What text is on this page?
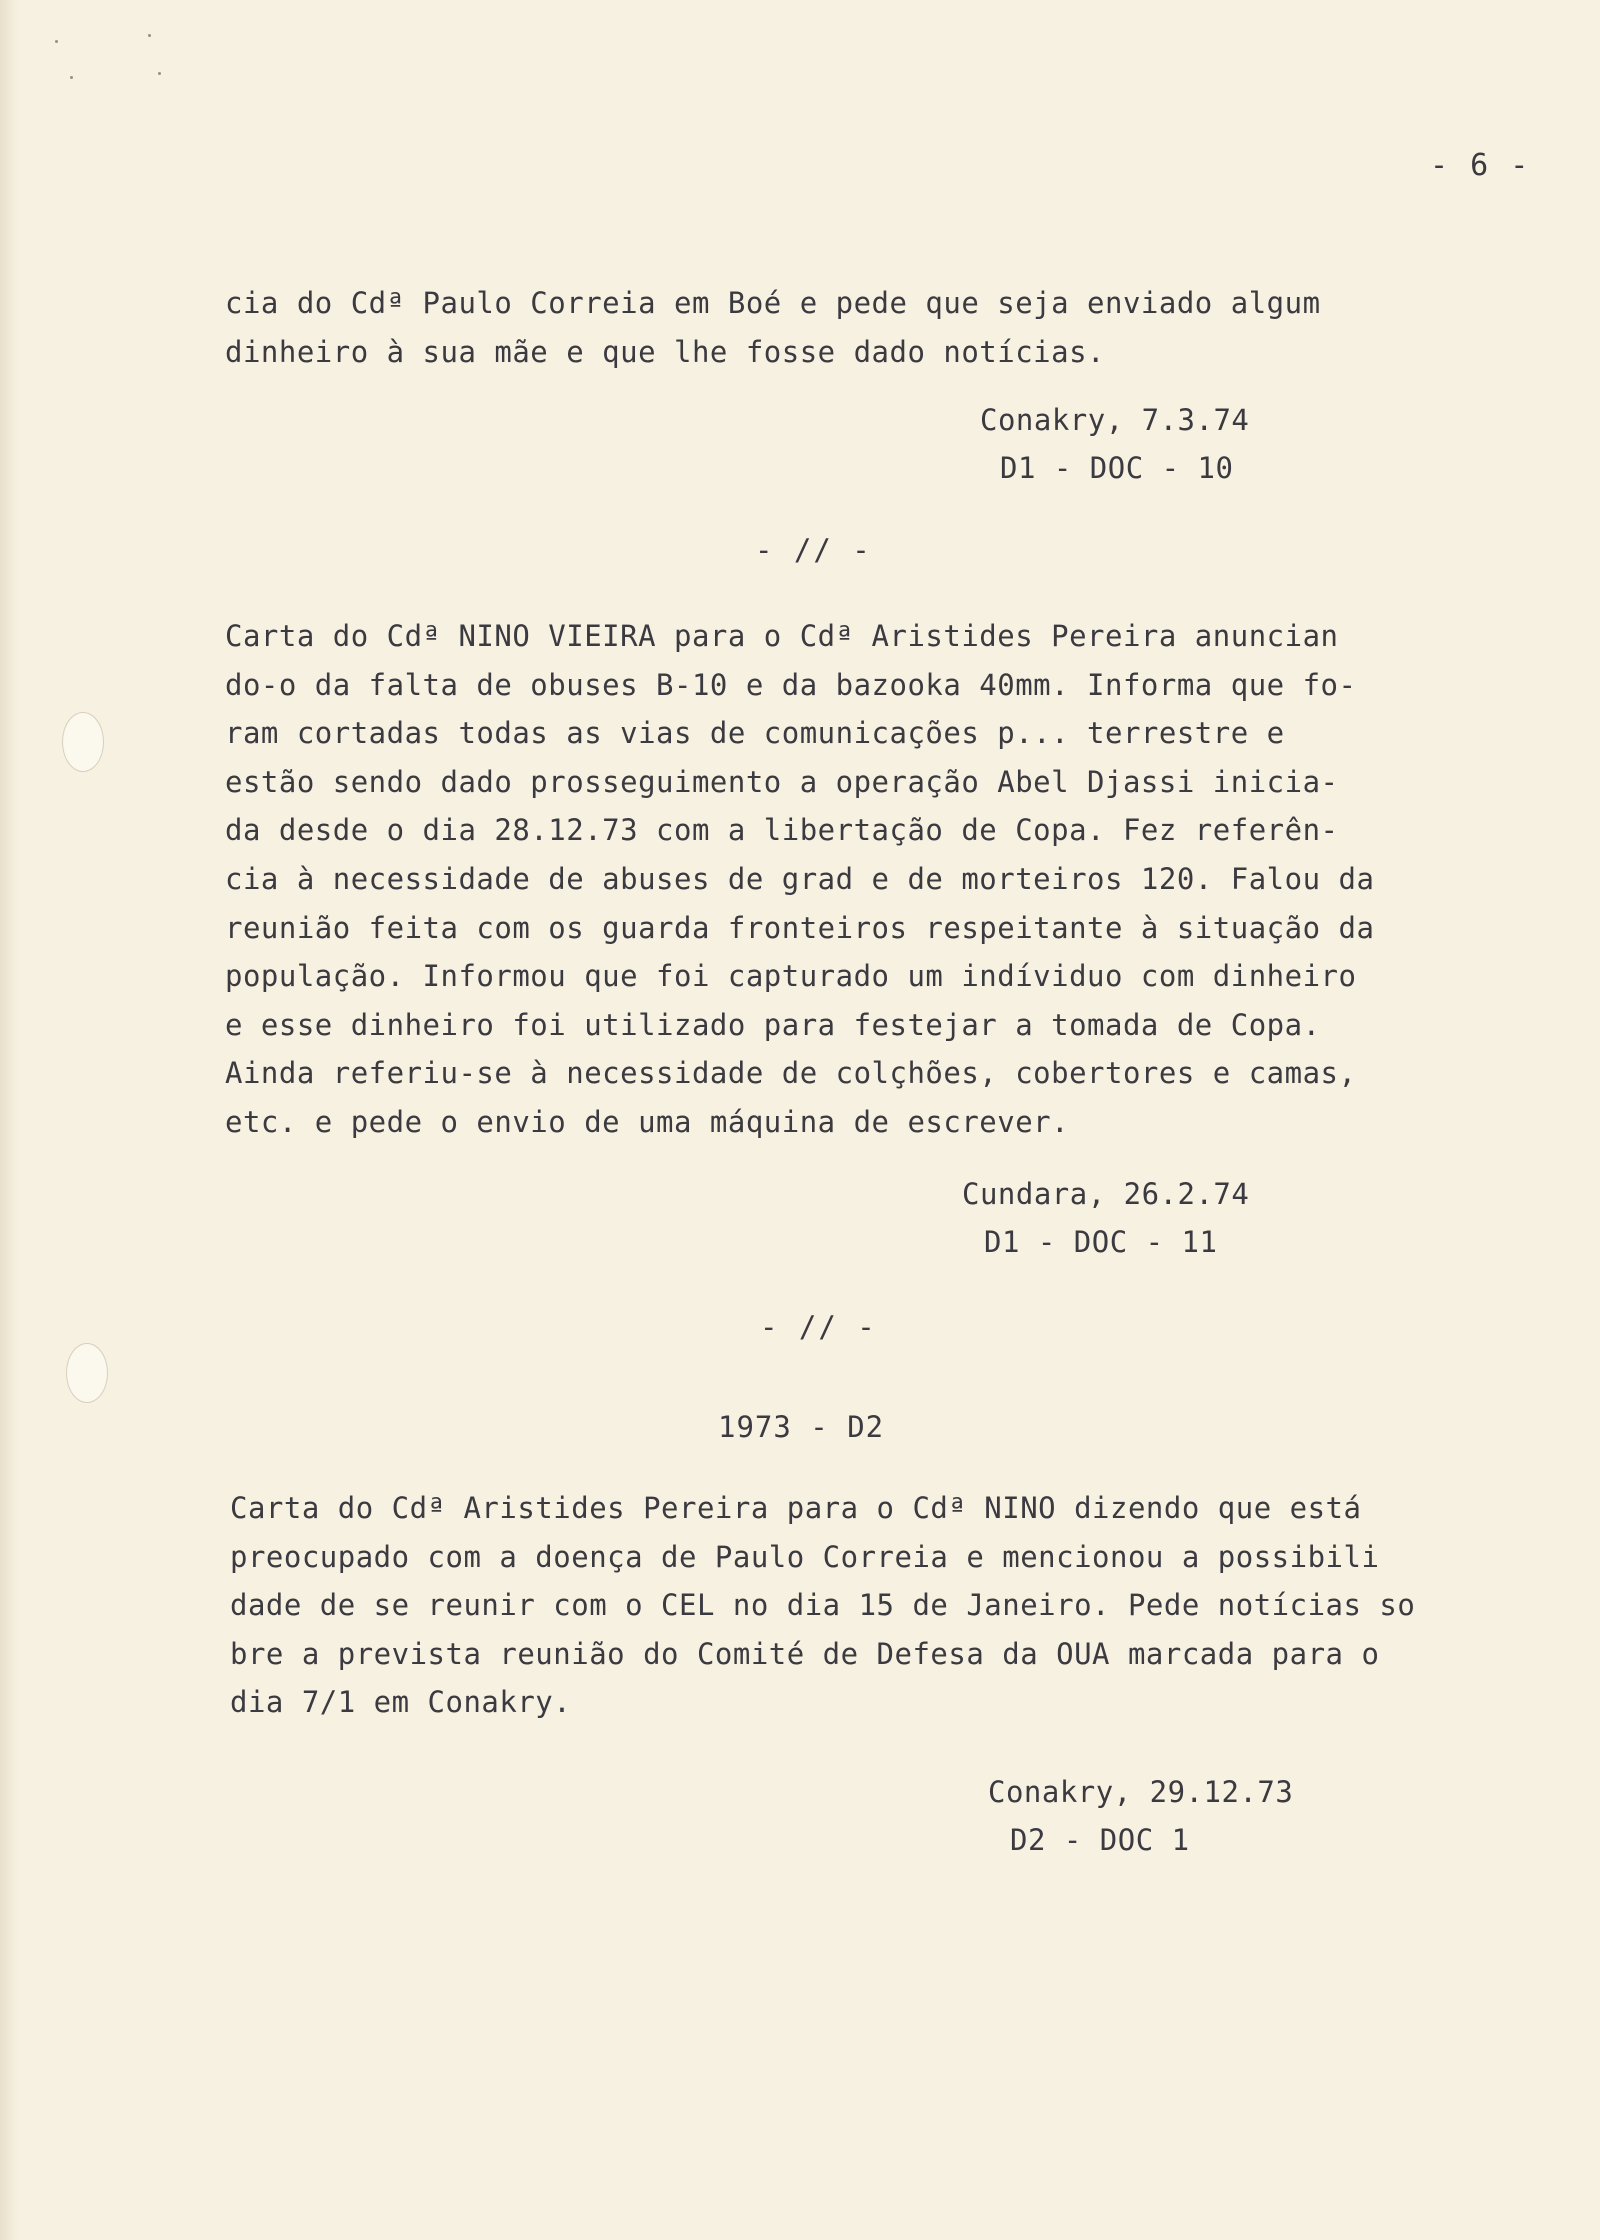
- 6 -
cia do Cdª Paulo Correia em Boé e pede que seja enviado algum
dinheiro à sua mãe e que lhe fosse dado notícias.
Conakry, 7.3.74
D1 - DOC - 10
- // -
Carta do Cdª NINO VIEIRA para o Cdª Aristides Pereira anuncian
do-o da falta de obuses B-10 e da bazooka 40mm. Informa que fo-
ram cortadas todas as vias de comunicações p... terrestre e
estão sendo dado prosseguimento a operação Abel Djassi inicia-
da desde o dia 28.12.73 com a libertação de Copa. Fez referên-
cia à necessidade de abuses de grad e de morteiros 120. Falou da
reunião feita com os guarda fronteiros respeitante à situação da
população. Informou que foi capturado um indíviduo com dinheiro
e esse dinheiro foi utilizado para festejar a tomada de Copa.
Ainda referiu-se à necessidade de colçhões, cobertores e camas,
etc. e pede o envio de uma máquina de escrever.
Cundara, 26.2.74
D1 - DOC - 11
- // -
1973 - D2
Carta do Cdª Aristides Pereira para o Cdª NINO dizendo que está
preocupado com a doença de Paulo Correia e mencionou a possibili
dade de se reunir com o CEL no dia 15 de Janeiro. Pede notícias so
bre a prevista reunião do Comité de Defesa da OUA marcada para o
dia 7/1 em Conakry.
Conakry, 29.12.73
D2 - DOC 1
